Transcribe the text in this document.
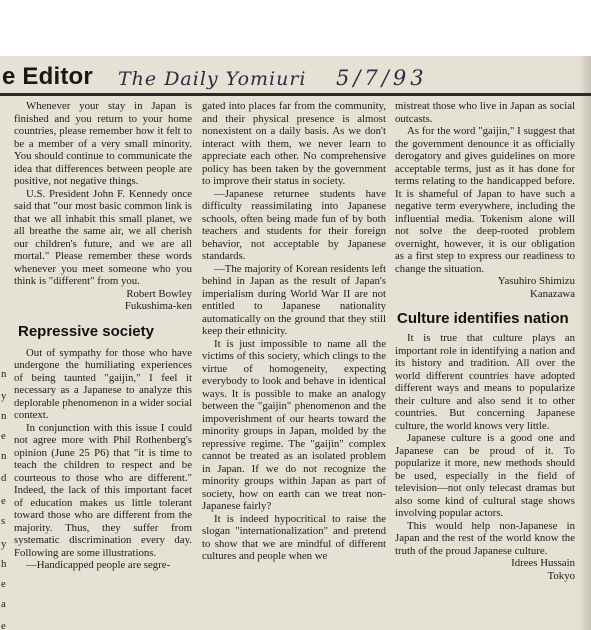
e Editor The Daily Yomiuri 5/7/93
n
y
n
e
n
d
e
s
y
h
e
a
e

Whenever your stay in Japan is finished and you return to your home countries, please remember how it felt to be a member of a very small minority. You should continue to communicate the idea that differences between people are positive, not negative things.

U.S. President John F. Kennedy once said that "our most basic common link is that we all inhabit this small planet, we all breathe the same air, we all cherish our children's future, and we are all mortal." Please remember these words whenever you meet someone who you think is "different" from you.

Robert Bowley
Fukushima-ken
Repressive society

Out of sympathy for those who have undergone the humiliating experiences of being taunted "gaijin," I feel it necessary as a Japanese to analyze this deplorable phenomenon in a wider social context.

In conjunction with this issue I could not agree more with Phil Rothenberg's opinion (June 25 P6) that "it is time to teach the children to respect and be courteous to those who are different." Indeed, the lack of this important facet of education makes us little tolerant toward those who are different from the majority. Thus, they suffer from systematic discrimination every day. Following are some illustrations.

—Handicapped people are segre-

gated into places far from the community, and their physical presence is almost nonexistent on a daily basis. As we don't interact with them, we never learn to appreciate each other. No comprehensive policy has been taken by the government to improve their status in society.

—Japanese returnee students have difficulty reassimilating into Japanese schools, often being made fun of by both teachers and students for their foreign behavior, not acceptable by Japanese standards.

—The majority of Korean residents left behind in Japan as the result of Japan's imperialism during World War II are not entitled to Japanese nationality automatically on the ground that they still keep their ethnicity.

It is just impossible to name all the victims of this society, which clings to the virtue of homogeneity, expecting everybody to look and behave in identical ways. It is possible to make an analogy between the "gaijin" phenomenon and the impoverishment of our hearts toward the minority groups in Japan, molded by the repressive regime. The "gaijin" complex cannot be treated as an isolated problem in Japan. If we do not recognize the minority groups within Japan as part of society, how on earth can we treat non-Japanese fairly?

It is indeed hypocritical to raise the slogan "internationalization" and pretend to show that we are mindful of different cultures and people when we

mistreat those who live in Japan as social outcasts.

As for the word "gaijin," I suggest that the government denounce it as officially derogatory and gives guidelines on more acceptable terms, just as it has done for terms relating to the handicapped before. It is shameful of Japan to have such a negative term everywhere, including the influential media. Tokenism alone will not solve the deep-rooted problem overnight, however, it is our obligation as a first step to express our readiness to change the situation.

Yasuhiro Shimizu
Kanazawa
Culture identifies nation

It is true that culture plays an important role in identifying a nation and its history and tradition. All over the world different countries have adopted different ways and means to popularize their culture and also send it to other countries. But concerning Japanese culture, the world knows very little.

Japanese culture is a good one and Japanese can be proud of it. To popularize it more, new methods should be used, especially in the field of television—not only telecast dramas but also some kind of cultural stage shows involving popular actors.

This would help non-Japanese in Japan and the rest of the world know the truth of the proud Japanese culture.

Idrees Hussain
Tokyo
